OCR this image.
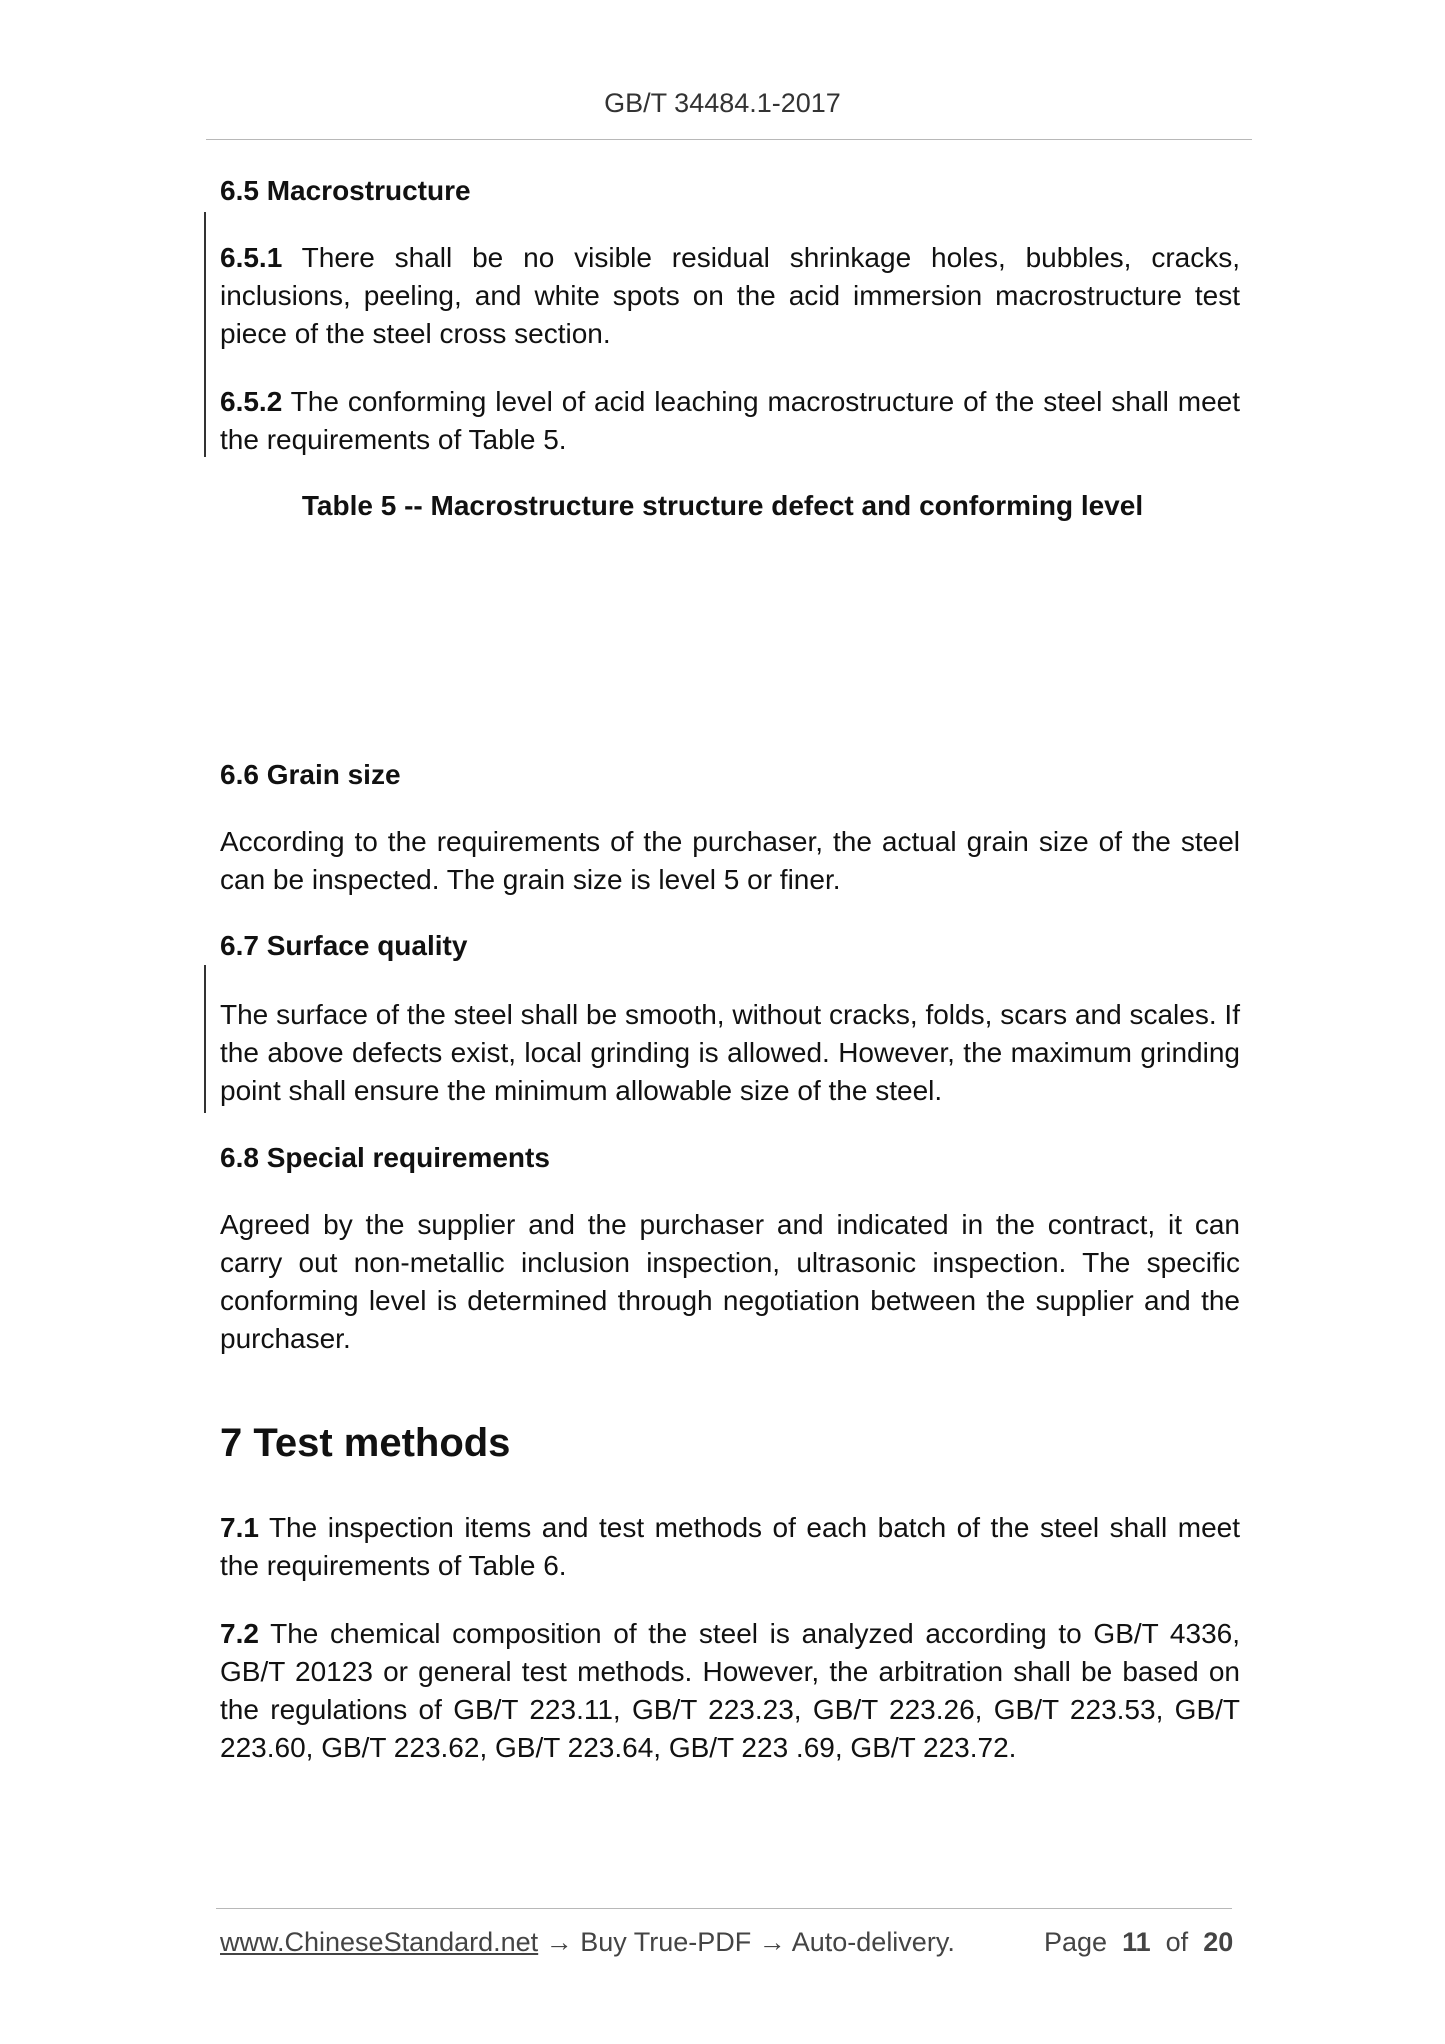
GB/T 34484.1-2017
6.5 Macrostructure

6.5.1 There shall be no visible residual shrinkage holes, bubbles, cracks, inclusions, peeling, and white spots on the acid immersion macrostructure test piece of the steel cross section.

6.5.2 The conforming level of acid leaching macrostructure of the steel shall meet the requirements of Table 5.

Table 5 -- Macrostructure structure defect and conforming level
6.6 Grain size

According to the requirements of the purchaser, the actual grain size of the steel can be inspected. The grain size is level 5 or finer.

6.7 Surface quality

The surface of the steel shall be smooth, without cracks, folds, scars and scales. If the above defects exist, local grinding is allowed. However, the maximum grinding point shall ensure the minimum allowable size of the steel.

6.8 Special requirements

Agreed by the supplier and the purchaser and indicated in the contract, it can carry out non-metallic inclusion inspection, ultrasonic inspection. The specific conforming level is determined through negotiation between the supplier and the purchaser.

7 Test methods

7.1 The inspection items and test methods of each batch of the steel shall meet the requirements of Table 6.

7.2 The chemical composition of the steel is analyzed according to GB/T 4336, GB/T 20123 or general test methods. However, the arbitration shall be based on the regulations of GB/T 223.11, GB/T 223.23, GB/T 223.26, GB/T 223.53, GB/T 223.60, GB/T 223.62, GB/T 223.64, GB/T 223 .69, GB/T 223.72.

www.ChineseStandard.net → Buy True-PDF → Auto-delivery.	Page 11 of 20
